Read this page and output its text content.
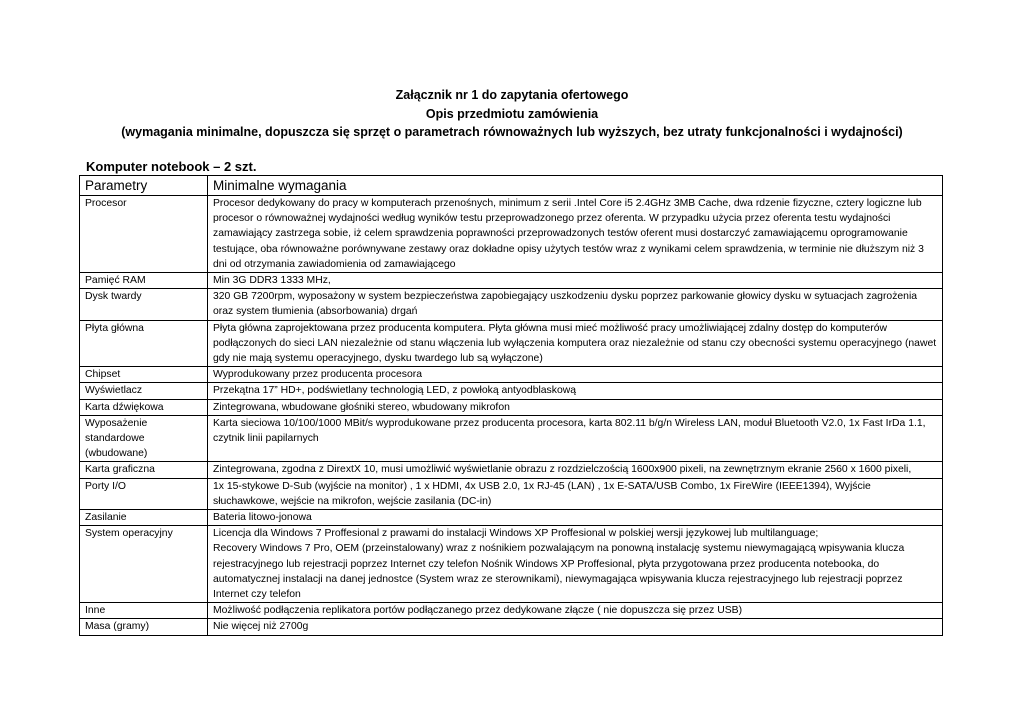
Załącznik nr 1 do zapytania ofertowego
Opis przedmiotu zamówienia
(wymagania minimalne, dopuszcza się sprzęt o parametrach równoważnych lub wyższych, bez utraty funkcjonalności i wydajności)
Komputer notebook – 2 szt.
Parametry	Minimalne wymagania
Procesor	Procesor dedykowany do pracy w komputerach przenośnych, minimum z serii .Intel Core i5 2.4GHz 3MB Cache, dwa rdzenie fizyczne, cztery logiczne lub procesor o równoważnej wydajności według wyników testu przeprowadzonego przez oferenta. W przypadku użycia przez oferenta testu wydajności zamawiający zastrzega sobie, iż celem sprawdzenia poprawności przeprowadzonych testów oferent musi dostarczyć zamawiającemu oprogramowanie testujące, oba równoważne porównywane zestawy oraz dokładne opisy użytych testów wraz z wynikami celem sprawdzenia, w terminie nie dłuższym niż 3 dni od otrzymania zawiadomienia od zamawiającego
Pamięć RAM	Min 3G DDR3 1333 MHz,
Dysk twardy	320 GB 7200rpm, wyposażony w system bezpieczeństwa zapobiegający uszkodzeniu dysku poprzez parkowanie głowicy dysku w sytuacjach zagrożenia oraz system tłumienia (absorbowania) drgań
Płyta główna	Płyta główna zaprojektowana przez producenta komputera. Płyta główna musi mieć możliwość pracy umożliwiającej zdalny dostęp do komputerów podłączonych do sieci LAN niezależnie od stanu włączenia lub wyłączenia komputera oraz niezależnie od stanu czy obecności systemu operacyjnego (nawet gdy nie mają systemu operacyjnego, dysku twardego lub są wyłączone)
Chipset	Wyprodukowany przez producenta procesora
Wyświetlacz	Przekątna 17” HD+, podświetlany technologią LED, z powłoką antyodblaskową
Karta dźwiękowa	Zintegrowana, wbudowane głośniki stereo, wbudowany mikrofon
Wyposażenie standardowe (wbudowane)	Karta sieciowa 10/100/1000 MBit/s wyprodukowane przez producenta procesora, karta 802.11 b/g/n Wireless LAN, moduł Bluetooth V2.0, 1x Fast IrDa 1.1, czytnik linii papilarnych
Karta graficzna	Zintegrowana, zgodna z DirextX 10, musi umożliwić wyświetlanie obrazu z rozdzielczością 1600x900 pixeli, na zewnętrznym ekranie 2560 x 1600 pixeli,
Porty I/O	1x 15-stykowe D-Sub (wyjście na monitor) , 1 x HDMI, 4x USB 2.0, 1x RJ-45 (LAN) , 1x E-SATA/USB Combo, 1x FireWire (IEEE1394), Wyjście słuchawkowe, wejście na mikrofon, wejście zasilania (DC-in)
Zasilanie	Bateria litowo-jonowa
System operacyjny	Licencja dla Windows 7 Proffesional z prawami do instalacji Windows XP Proffesional w polskiej wersji językowej lub multilanguage;
Recovery Windows 7 Pro, OEM (przeinstalowany) wraz z nośnikiem pozwalającym na ponowną instalację systemu niewymagającą wpisywania klucza rejestracyjnego lub rejestracji poprzez Internet czy telefon Nośnik Windows XP Proffesional, płyta przygotowana przez producenta notebooka, do automatycznej instalacji na danej jednostce (System wraz ze sterownikami), niewymagająca wpisywania klucza rejestracyjnego lub rejestracji poprzez Internet czy telefon

Inne	Możliwość podłączenia replikatora portów podłączanego przez dedykowane złącze ( nie dopuszcza się przez USB)
Masa (gramy)	Nie więcej niż 2700g
